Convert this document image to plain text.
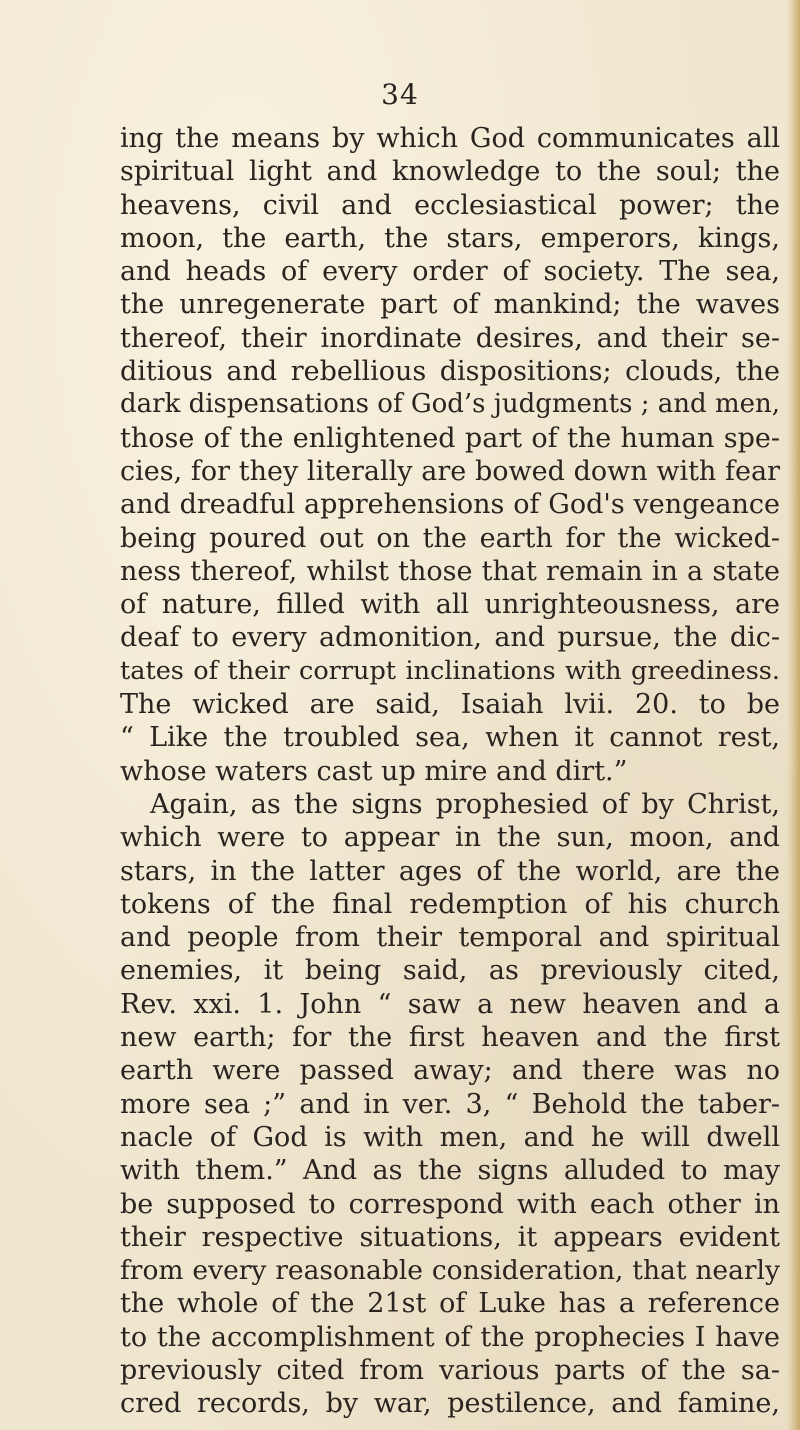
34
ing the means by which God communicates all
spiritual light and knowledge to the soul; the
heavens, civil and ecclesiastical power; the
moon, the earth, the stars, emperors, kings,
and heads of every order of society. The sea,
the unregenerate part of mankind; the waves
thereof, their inordinate desires, and their se-
ditious and rebellious dispositions; clouds, the
dark dispensations of God’s judgments ; and men,
those of the enlightened part of the human spe-
cies, for they literally are bowed down with fear
and dreadful apprehensions of God's vengeance
being poured out on the earth for the wicked-
ness thereof, whilst those that remain in a state
of nature, filled with all unrighteousness, are
deaf to every admonition, and pursue, the dic-
tates of their corrupt inclinations with greediness.
The wicked are said, Isaiah lvii. 20. to be
“ Like the troubled sea, when it cannot rest,
whose waters cast up mire and dirt.”
Again, as the signs prophesied of by Christ,
which were to appear in the sun, moon, and
stars, in the latter ages of the world, are the
tokens of the final redemption of his church
and people from their temporal and spiritual
enemies, it being said, as previously cited,
Rev. xxi. 1. John “ saw a new heaven and a
new earth; for the first heaven and the first
earth were passed away; and there was no
more sea ;” and in ver. 3, “ Behold the taber-
nacle of God is with men, and he will dwell
with them.” And as the signs alluded to may
be supposed to correspond with each other in
their respective situations, it appears evident
from every reasonable consideration, that nearly
the whole of the 21st of Luke has a reference
to the accomplishment of the prophecies I have
previously cited from various parts of the sa-
cred records, by war, pestilence, and famine,
